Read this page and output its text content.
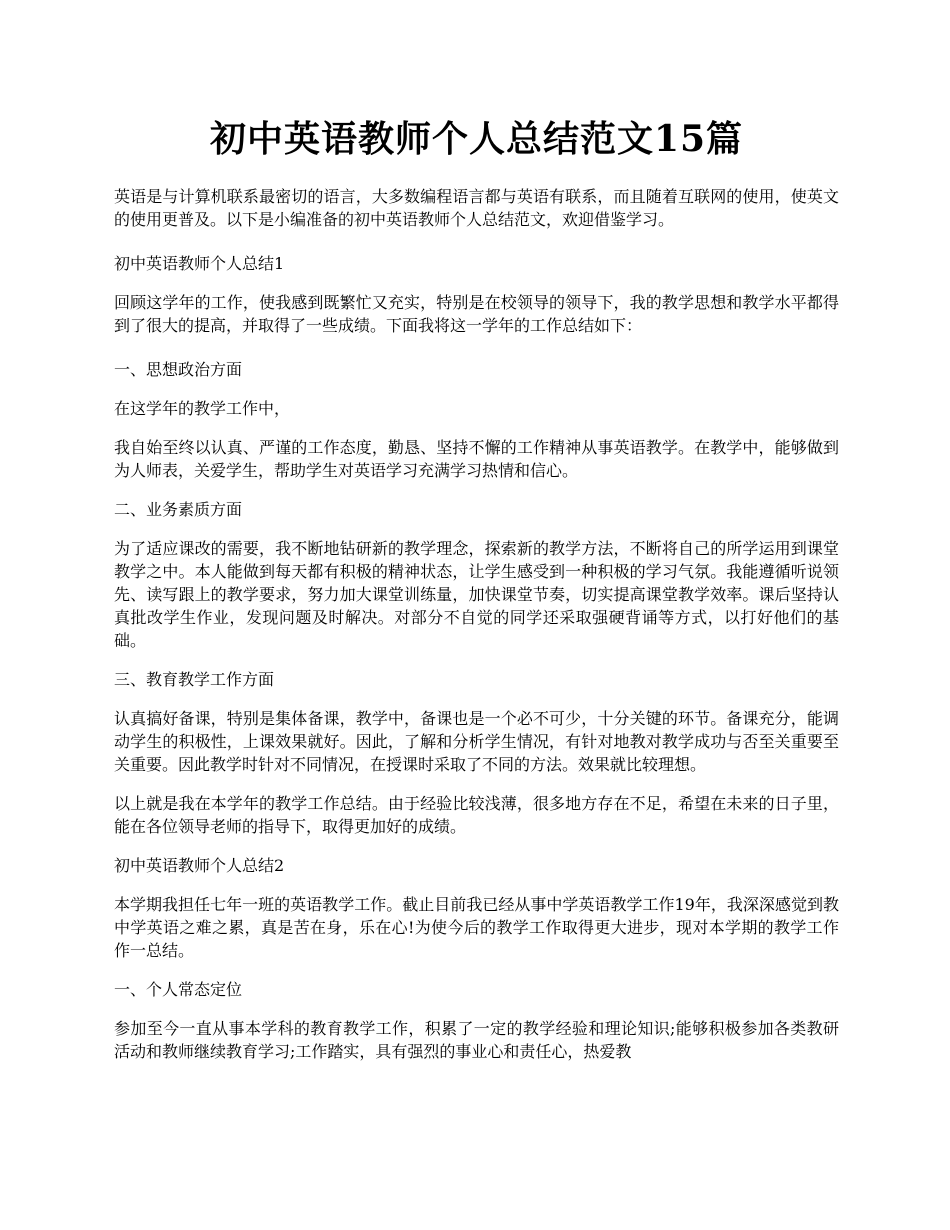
初中英语教师个人总结范文15篇

英语是与计算机联系最密切的语言，大多数编程语言都与英语有联系，而且随着互联网的使用，使英文的使用更普及。以下是小编准备的初中英语教师个人总结范文，欢迎借鉴学习。

初中英语教师个人总结1

回顾这学年的工作，使我感到既繁忙又充实，特别是在校领导的领导下，我的教学思想和教学水平都得到了很大的提高，并取得了一些成绩。下面我将这一学年的工作总结如下：

一、思想政治方面

在这学年的教学工作中，

我自始至终以认真、严谨的工作态度，勤恳、坚持不懈的工作精神从事英语教学。在教学中，能够做到为人师表，关爱学生，帮助学生对英语学习充满学习热情和信心。

二、业务素质方面

为了适应课改的需要，我不断地钻研新的教学理念，探索新的教学方法，不断将自己的所学运用到课堂教学之中。本人能做到每天都有积极的精神状态，让学生感受到一种积极的学习气氛。我能遵循听说领先、读写跟上的教学要求，努力加大课堂训练量，加快课堂节奏，切实提高课堂教学效率。课后坚持认真批改学生作业，发现问题及时解决。对部分不自觉的同学还采取强硬背诵等方式，以打好他们的基础。

三、教育教学工作方面

认真搞好备课，特别是集体备课，教学中，备课也是一个必不可少，十分关键的环节。备课充分，能调动学生的积极性，上课效果就好。因此，了解和分析学生情况，有针对地教对教学成功与否至关重要至关重要。因此教学时针对不同情况，在授课时采取了不同的方法。效果就比较理想。

以上就是我在本学年的教学工作总结。由于经验比较浅薄，很多地方存在不足，希望在未来的日子里，能在各位领导老师的指导下，取得更加好的成绩。

初中英语教师个人总结2

本学期我担任七年一班的英语教学工作。截止目前我已经从事中学英语教学工作19年，我深深感觉到教中学英语之难之累，真是苦在身，乐在心!为使今后的教学工作取得更大进步，现对本学期的教学工作作一总结。

一、个人常态定位

参加至今一直从事本学科的教育教学工作，积累了一定的教学经验和理论知识;能够积极参加各类教研活动和教师继续教育学习;工作踏实，具有强烈的事业心和责任心，热爱教
